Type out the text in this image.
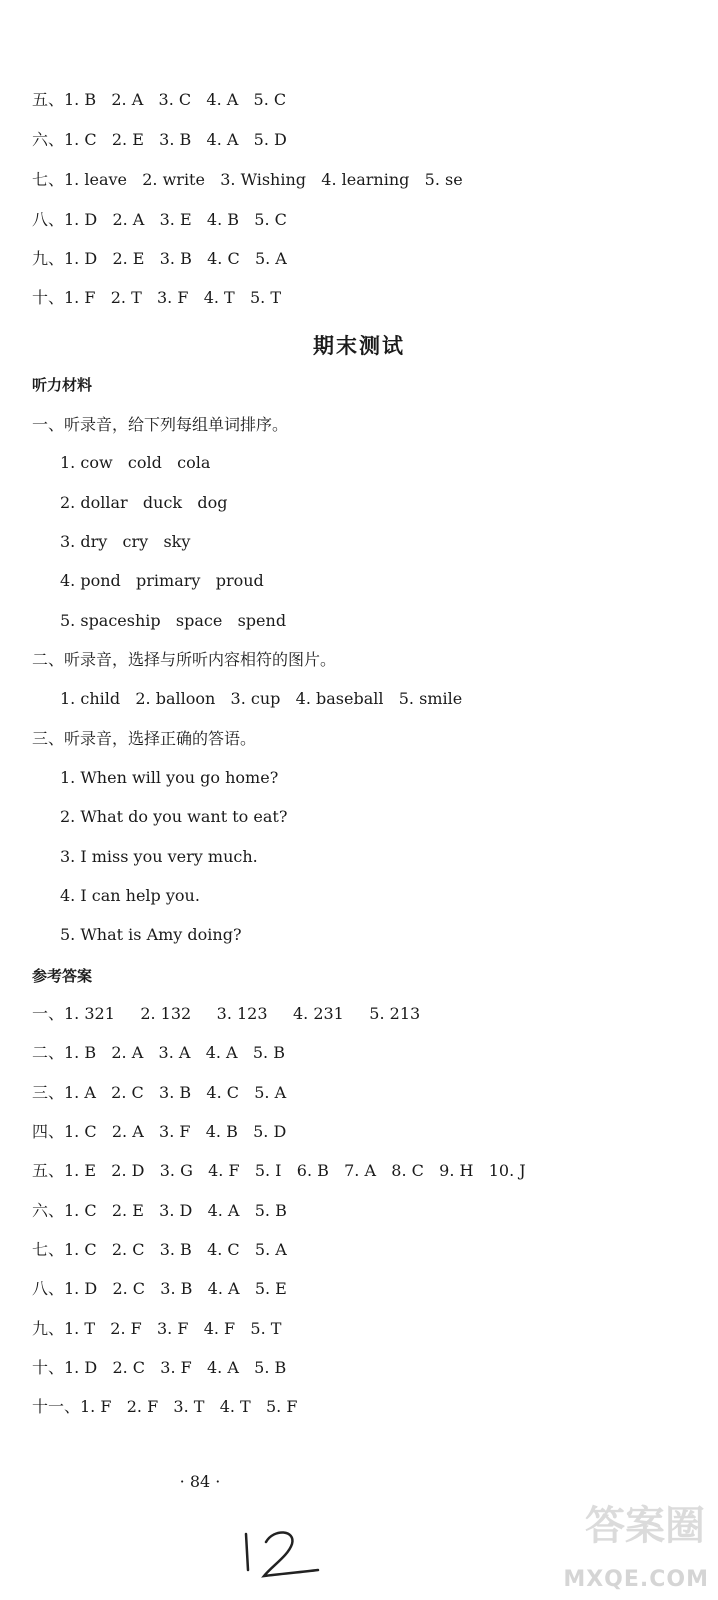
五、1. B   2. A   3. C   4. A   5. C
六、1. C   2. E   3. B   4. A   5. D
七、1. leave   2. write   3. Wishing   4. learning   5. se
八、1. D   2. A   3. E   4. B   5. C
九、1. D   2. E   3. B   4. C   5. A
十、1. F   2. T   3. F   4. T   5. T
期末测试
听力材料
一、听录音，给下列每组单词排序。
1. cow   cold   cola
2. dollar   duck   dog
3. dry   cry   sky
4. pond   primary   proud
5. spaceship   space   spend
二、听录音，选择与所听内容相符的图片。
1. child   2. balloon   3. cup   4. baseball   5. smile
三、听录音，选择正确的答语。
1. When will you go home?
2. What do you want to eat?
3. I miss you very much.
4. I can help you.
5. What is Amy doing?
参考答案
一、1. 321     2. 132     3. 123     4. 231     5. 213
二、1. B   2. A   3. A   4. A   5. B
三、1. A   2. C   3. B   4. C   5. A
四、1. C   2. A   3. F   4. B   5. D
五、1. E   2. D   3. G   4. F   5. I   6. B   7. A   8. C   9. H   10. J
六、1. C   2. E   3. D   4. A   5. B
七、1. C   2. C   3. B   4. C   5. A
八、1. D   2. C   3. B   4. A   5. E
九、1. T   2. F   3. F   4. F   5. T
十、1. D   2. C   3. F   4. A   5. B
十一、1. F   2. F   3. T   4. T   5. F
· 84 ·
答案圈
MXQE.COM
